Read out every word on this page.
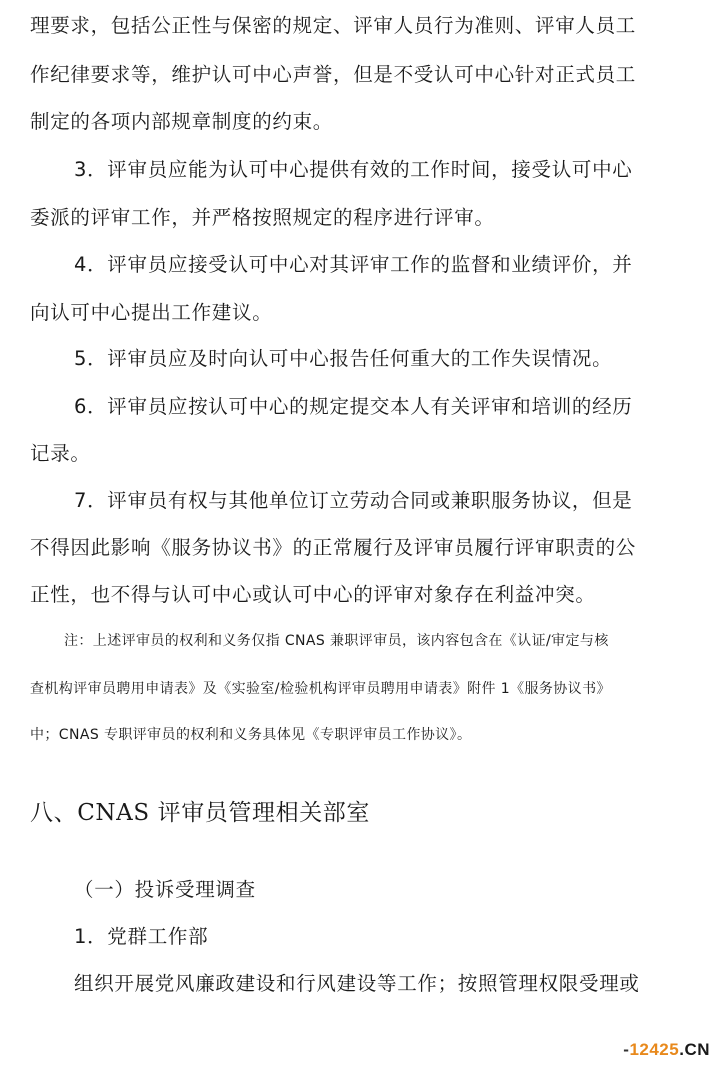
理要求，包括公正性与保密的规定、评审人员行为准则、评审人员工
作纪律要求等，维护认可中心声誉，但是不受认可中心针对正式员工
制定的各项内部规章制度的约束。
3．评审员应能为认可中心提供有效的工作时间，接受认可中心
委派的评审工作，并严格按照规定的程序进行评审。
4．评审员应接受认可中心对其评审工作的监督和业绩评价，并
向认可中心提出工作建议。
5．评审员应及时向认可中心报告任何重大的工作失误情况。
6．评审员应按认可中心的规定提交本人有关评审和培训的经历
记录。
7．评审员有权与其他单位订立劳动合同或兼职服务协议，但是
不得因此影响《服务协议书》的正常履行及评审员履行评审职责的公
正性，也不得与认可中心或认可中心的评审对象存在利益冲突。
注：上述评审员的权利和义务仅指 CNAS 兼职评审员，该内容包含在《认证/审定与核
查机构评审员聘用申请表》及《实验室/检验机构评审员聘用申请表》附件 1《服务协议书》
中；CNAS 专职评审员的权利和义务具体见《专职评审员工作协议》。
八、CNAS 评审员管理相关部室
（一）投诉受理调查
1．党群工作部
组织开展党风廉政建设和行风建设等工作；按照管理权限受理或
-12425.CN
